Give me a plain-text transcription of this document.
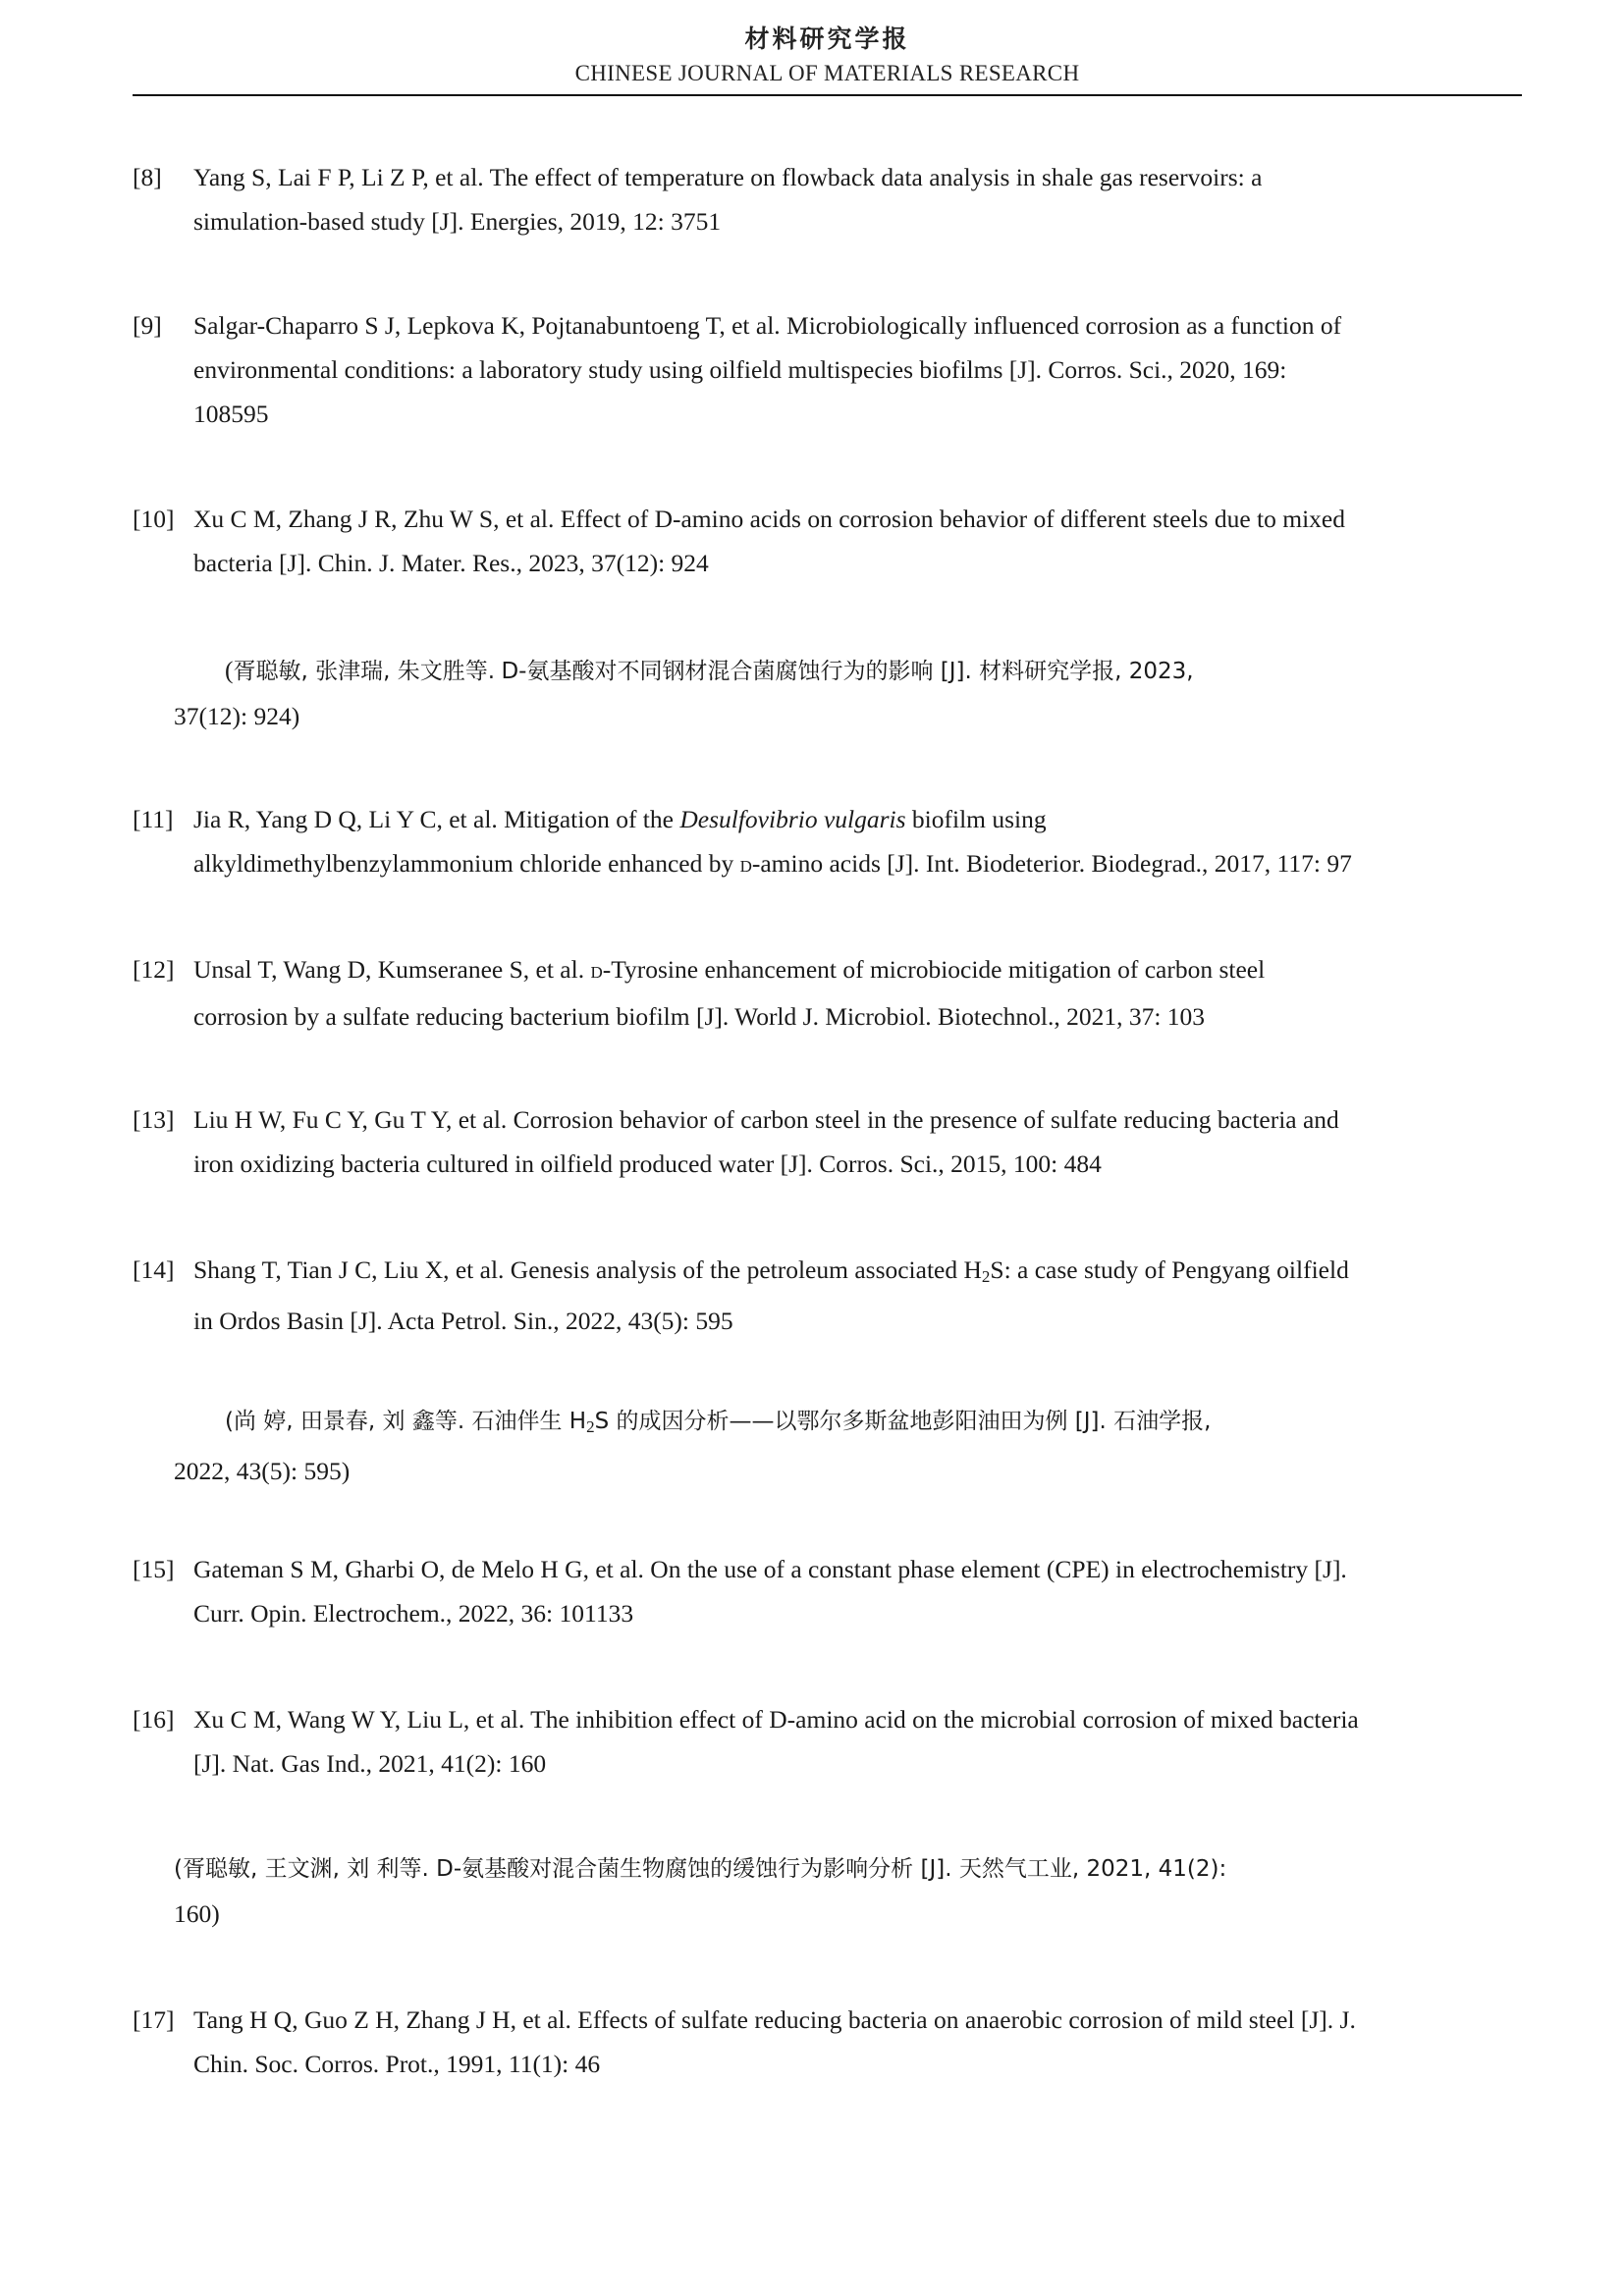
材料研究学报
CHINESE JOURNAL OF MATERIALS RESEARCH
[8]	Yang S, Lai F P, Li Z P, et al. The effect of temperature on flowback data analysis in shale gas reservoirs: a
simulation-based study [J]. Energies, 2019, 12: 3751
[9]	Salgar-Chaparro S J, Lepkova K, Pojtanabuntoeng T, et al. Microbiologically influenced corrosion as a function of
environmental conditions: a laboratory study using oilfield multispecies biofilms [J]. Corros. Sci., 2020, 169:
108595
[10] Xu C M, Zhang J R, Zhu W S, et al. Effect of D-amino acids on corrosion behavior of different steels due to mixed
bacteria [J]. Chin. J. Mater. Res., 2023, 37(12): 924
(胥聪敏, 张津瑞, 朱文胜等. D-氨基酸对不同钢材混合菌腐蚀行为的影响 [J]. 材料研究学报, 2023,
37(12): 924)
[11] Jia R, Yang D Q, Li Y C, et al. Mitigation of the Desulfovibrio vulgaris biofilm using
alkyldimethylbenzylammonium chloride enhanced by D-amino acids [J]. Int. Biodeterior. Biodegrad., 2017, 117: 97
[12] Unsal T, Wang D, Kumseranee S, et al. D-Tyrosine enhancement of microbiocide mitigation of carbon steel
corrosion by a sulfate reducing bacterium biofilm [J]. World J. Microbiol. Biotechnol., 2021, 37: 103
[13] Liu H W, Fu C Y, Gu T Y, et al. Corrosion behavior of carbon steel in the presence of sulfate reducing bacteria and
iron oxidizing bacteria cultured in oilfield produced water [J]. Corros. Sci., 2015, 100: 484
[14] Shang T, Tian J C, Liu X, et al. Genesis analysis of the petroleum associated $H_2S$: a case study of Pengyang oilfield
in Ordos Basin [J]. Acta Petrol. Sin., 2022, 43(5): 595
(尚 婷, 田景春, 刘 鑫等. 石油伴生 $H_2S$ 的成因分析——以鄂尔多斯盆地彭阳油田为例 [J]. 石油学报,
2022, 43(5): 595)
[15] Gateman S M, Gharbi O, de Melo H G, et al. On the use of a constant phase element (CPE) in electrochemistry [J].
Curr. Opin. Electrochem., 2022, 36: 101133
[16] Xu C M, Wang W Y, Liu L, et al. The inhibition effect of D-amino acid on the microbial corrosion of mixed bacteria
[J]. Nat. Gas Ind., 2021, 41(2): 160
(胥聪敏, 王文渊, 刘 利等. D-氨基酸对混合菌生物腐蚀的缓蚀行为影响分析 [J]. 天然气工业, 2021, 41(2):
160)
[17] Tang H Q, Guo Z H, Zhang J H, et al. Effects of sulfate reducing bacteria on anaerobic corrosion of mild steel [J]. J.
Chin. Soc. Corros. Prot., 1991, 11(1): 46
